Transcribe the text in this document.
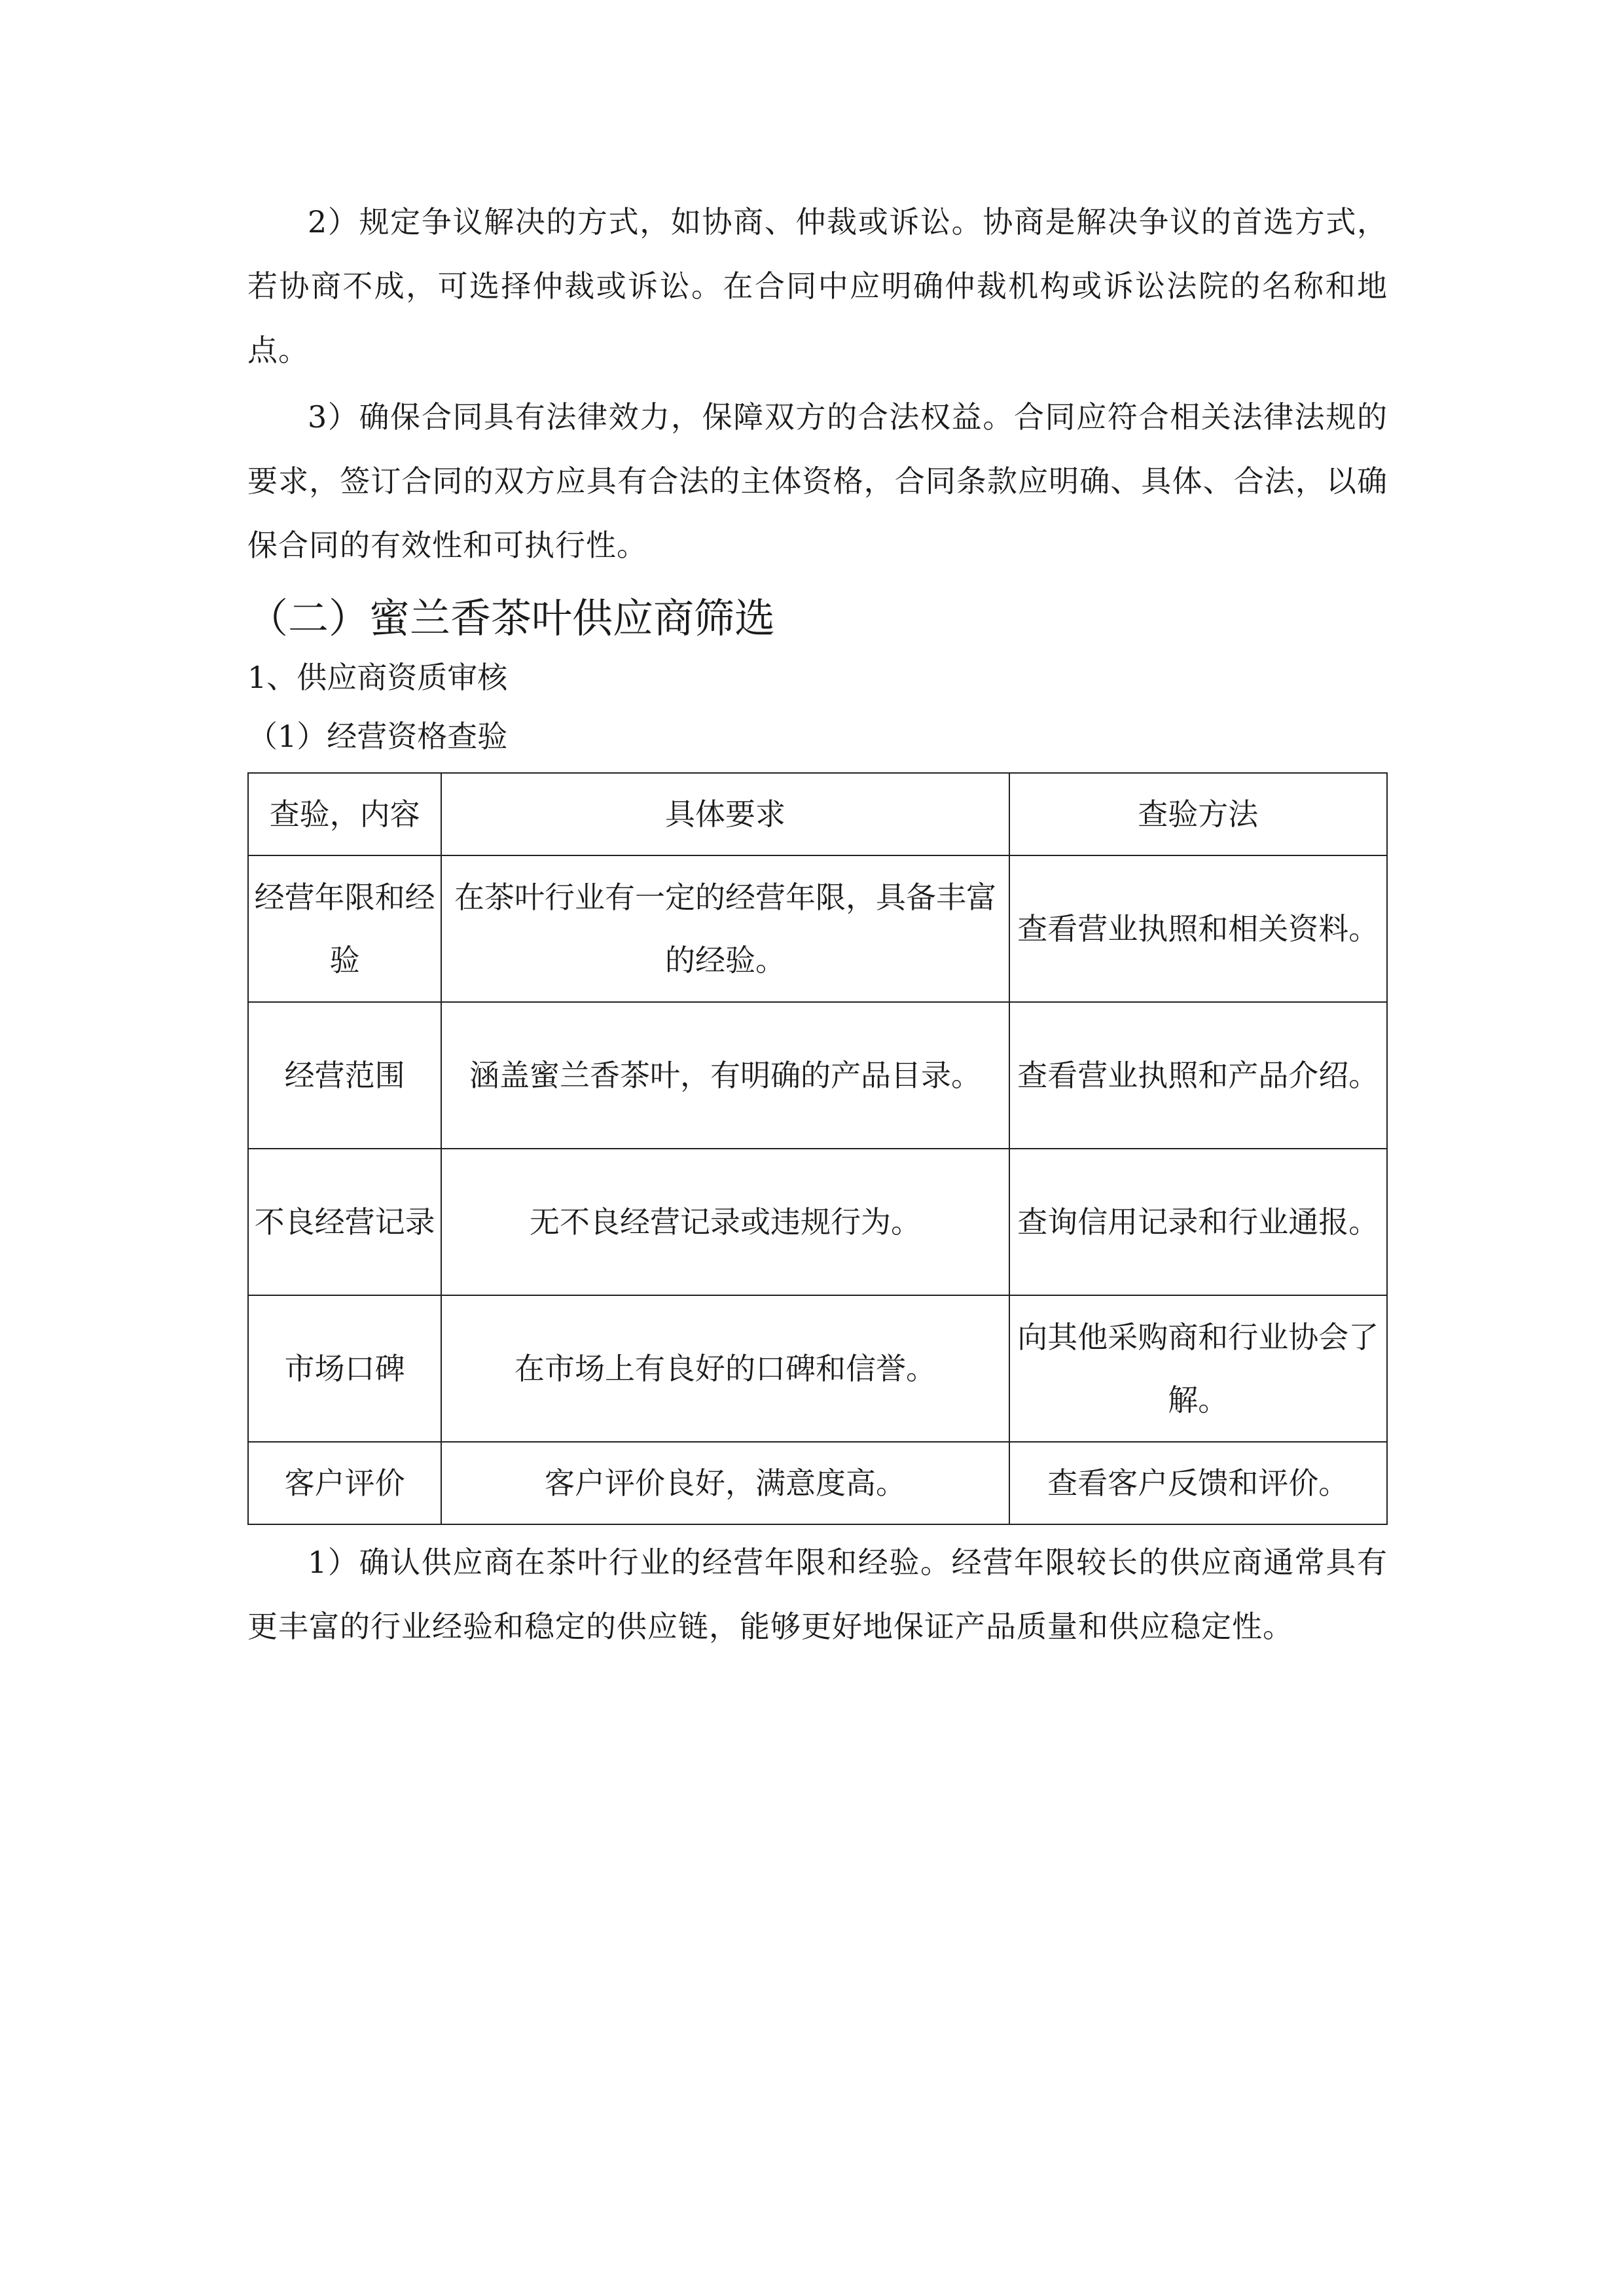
2）规定争议解决的方式，如协商、仲裁或诉讼。协商是解决争议的首选方式，若协商不成，可选择仲裁或诉讼。在合同中应明确仲裁机构或诉讼法院的名称和地点。

3）确保合同具有法律效力，保障双方的合法权益。合同应符合相关法律法规的要求，签订合同的双方应具有合法的主体资格，合同条款应明确、具体、合法，以确保合同的有效性和可执行性。

（二）蜜兰香茶叶供应商筛选
1、供应商资质审核
（1）经营资格查验
查验，内容	具体要求	查验方法
经营年限和经验	在茶叶行业有一定的经营年限，具备丰富的经验。	查看营业执照和相关资料。
经营范围	涵盖蜜兰香茶叶，有明确的产品目录。	查看营业执照和产品介绍。
不良经营记录	无不良经营记录或违规行为。	查询信用记录和行业通报。
市场口碑	在市场上有良好的口碑和信誉。	向其他采购商和行业协会了解。
客户评价	客户评价良好，满意度高。	查看客户反馈和评价。

1）确认供应商在茶叶行业的经营年限和经验。经营年限较长的供应商通常具有更丰富的行业经验和稳定的供应链，能够更好地保证产品质量和供应稳定性。
